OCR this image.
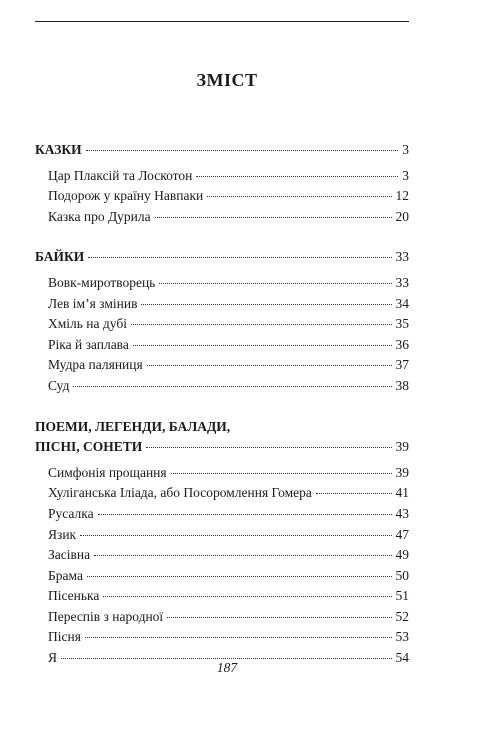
ЗМІСТ
КАЗКИ	3
Цар Плаксій та Лоскотон	3
Подорож у країну Навпаки	12
Казка про Дурила	20
БАЙКИ	33
Вовк-миротворець	33
Лев ім’я змінив	34
Хміль на дубі	35
Ріка й заплава	36
Мудра паляниця	37
Суд	38
ПОЕМИ, ЛЕГЕНДИ, БАЛАДИ,
ПІСНІ, СОНЕТИ	39
Симфонія прощання	39
Хуліганська Іліада, або Посоромлення Гомера	41
Русалка	43
Язик	47
Засівна	49
Брама	50
Пісенька	51
Переспів з народної	52
Пісня	53
Я	54
187
